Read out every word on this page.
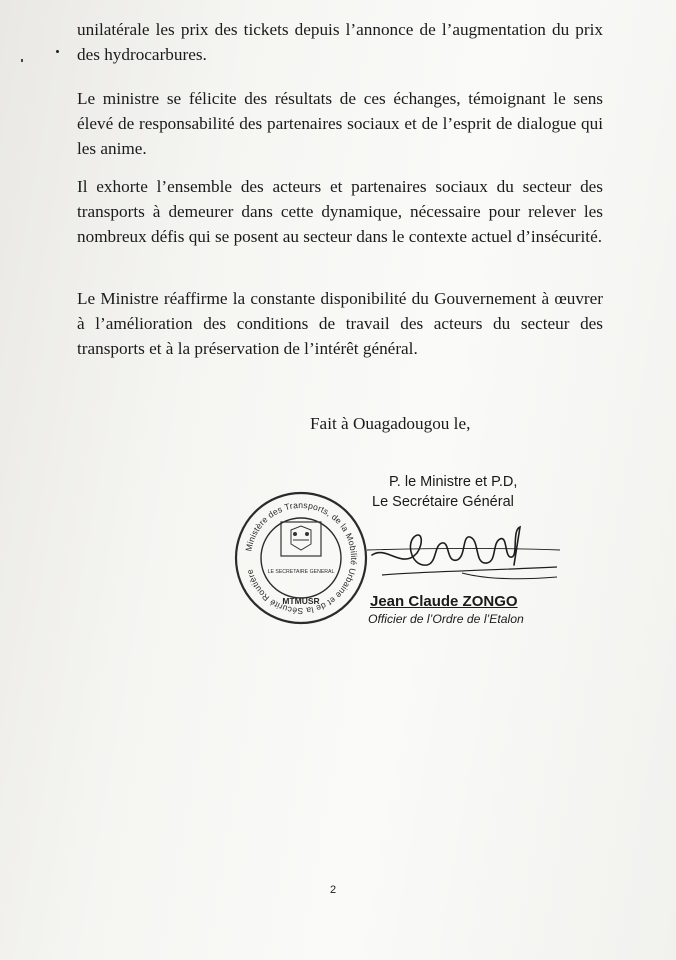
unilatérale les prix des tickets depuis l’annonce de l’augmentation du prix des hydrocarbures.

Le ministre se félicite des résultats de ces échanges, témoignant le sens élevé de responsabilité des partenaires sociaux et de l’esprit de dialogue qui les anime.

Il exhorte l’ensemble des acteurs et partenaires sociaux du secteur des transports à demeurer dans cette dynamique, nécessaire pour relever les nombreux défis qui se posent au secteur dans le contexte actuel d’insécurité.

Le Ministre réaffirme la constante disponibilité du Gouvernement à œuvrer à l’amélioration des conditions de travail des acteurs du secteur des transports et à la préservation de l’intérêt général.

Fait à Ouagadougou le,
P. le Ministre et P.D,
Le Secrétaire Général
Ministère des Transports, de la Mobilité Urbaine et de la Sécurité Routière	LE SECRETAIRE GENERAL
MTMUSR	Jean Claude ZONGO
Officier de l’Ordre de l’Etalon
2
